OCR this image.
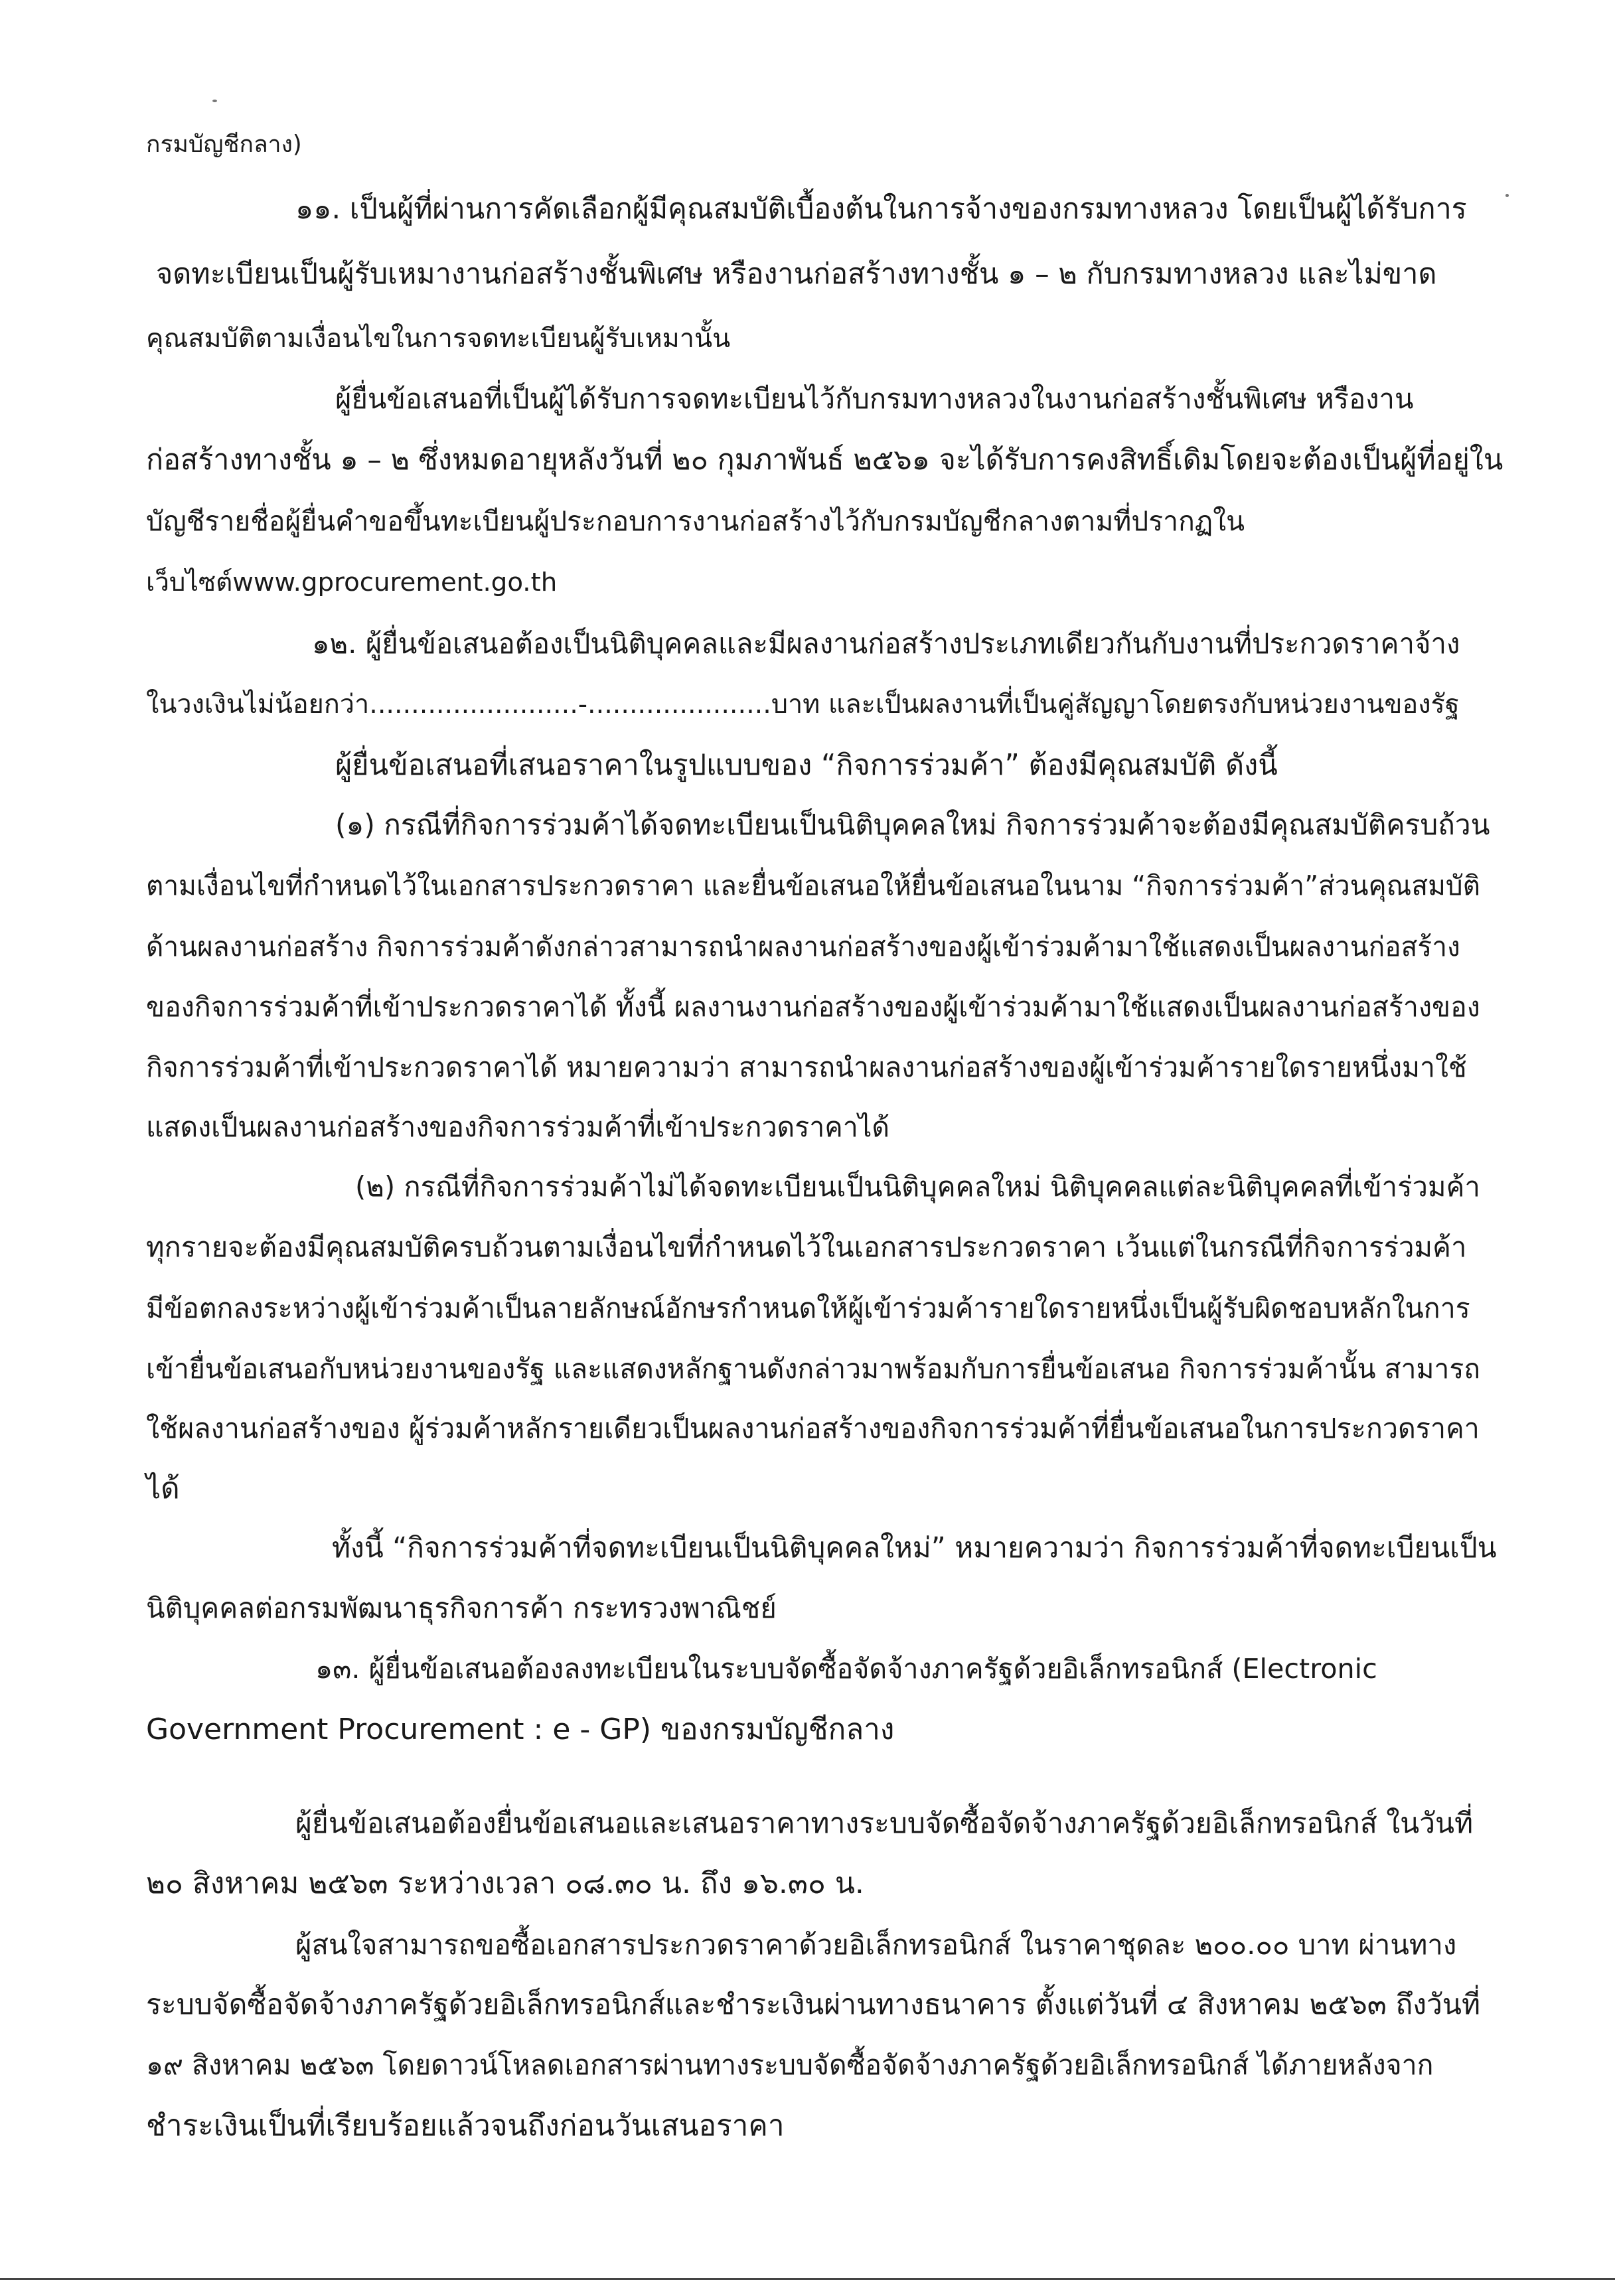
กรมบัญชีกลาง)
๑๑. เป็นผู้ที่ผ่านการคัดเลือกผู้มีคุณสมบัติเบื้องต้นในการจ้างของกรมทางหลวง โดยเป็นผู้ได้รับการ
จดทะเบียนเป็นผู้รับเหมางานก่อสร้างชั้นพิเศษ หรืองานก่อสร้างทางชั้น ๑ – ๒ กับกรมทางหลวง และไม่ขาด
คุณสมบัติตามเงื่อนไขในการจดทะเบียนผู้รับเหมานั้น
ผู้ยื่นข้อเสนอที่เป็นผู้ได้รับการจดทะเบียนไว้กับกรมทางหลวงในงานก่อสร้างชั้นพิเศษ หรืองาน
ก่อสร้างทางชั้น ๑ – ๒ ซึ่งหมดอายุหลังวันที่ ๒๐ กุมภาพันธ์ ๒๕๖๑ จะได้รับการคงสิทธิ์เดิมโดยจะต้องเป็นผู้ที่อยู่ใน
บัญชีรายชื่อผู้ยื่นคำขอขึ้นทะเบียนผู้ประกอบการงานก่อสร้างไว้กับกรมบัญชีกลางตามที่ปรากฏใน
เว็บไซต์www.gprocurement.go.th
๑๒. ผู้ยื่นข้อเสนอต้องเป็นนิติบุคคลและมีผลงานก่อสร้างประเภทเดียวกันกับงานที่ประกวดราคาจ้าง
ในวงเงินไม่น้อยกว่า.........................-......................บาท และเป็นผลงานที่เป็นคู่สัญญาโดยตรงกับหน่วยงานของรัฐ
ผู้ยื่นข้อเสนอที่เสนอราคาในรูปแบบของ “กิจการร่วมค้า” ต้องมีคุณสมบัติ ดังนี้
(๑) กรณีที่กิจการร่วมค้าได้จดทะเบียนเป็นนิติบุคคลใหม่ กิจการร่วมค้าจะต้องมีคุณสมบัติครบถ้วน
ตามเงื่อนไขที่กำหนดไว้ในเอกสารประกวดราคา และยื่นข้อเสนอให้ยื่นข้อเสนอในนาม “กิจการร่วมค้า”ส่วนคุณสมบัติ
ด้านผลงานก่อสร้าง กิจการร่วมค้าดังกล่าวสามารถนำผลงานก่อสร้างของผู้เข้าร่วมค้ามาใช้แสดงเป็นผลงานก่อสร้าง
ของกิจการร่วมค้าที่เข้าประกวดราคาได้ ทั้งนี้ ผลงานงานก่อสร้างของผู้เข้าร่วมค้ามาใช้แสดงเป็นผลงานก่อสร้างของ
กิจการร่วมค้าที่เข้าประกวดราคาได้ หมายความว่า สามารถนำผลงานก่อสร้างของผู้เข้าร่วมค้ารายใดรายหนึ่งมาใช้
แสดงเป็นผลงานก่อสร้างของกิจการร่วมค้าที่เข้าประกวดราคาได้
(๒) กรณีที่กิจการร่วมค้าไม่ได้จดทะเบียนเป็นนิติบุคคลใหม่ นิติบุคคลแต่ละนิติบุคคลที่เข้าร่วมค้า
ทุกรายจะต้องมีคุณสมบัติครบถ้วนตามเงื่อนไขที่กำหนดไว้ในเอกสารประกวดราคา เว้นแต่ในกรณีที่กิจการร่วมค้า
มีข้อตกลงระหว่างผู้เข้าร่วมค้าเป็นลายลักษณ์อักษรกำหนดให้ผู้เข้าร่วมค้ารายใดรายหนึ่งเป็นผู้รับผิดชอบหลักในการ
เข้ายื่นข้อเสนอกับหน่วยงานของรัฐ และแสดงหลักฐานดังกล่าวมาพร้อมกับการยื่นข้อเสนอ กิจการร่วมค้านั้น สามารถ
ใช้ผลงานก่อสร้างของ ผู้ร่วมค้าหลักรายเดียวเป็นผลงานก่อสร้างของกิจการร่วมค้าที่ยื่นข้อเสนอในการประกวดราคา
ได้
ทั้งนี้ “กิจการร่วมค้าที่จดทะเบียนเป็นนิติบุคคลใหม่” หมายความว่า กิจการร่วมค้าที่จดทะเบียนเป็น
นิติบุคคลต่อกรมพัฒนาธุรกิจการค้า กระทรวงพาณิชย์
๑๓. ผู้ยื่นข้อเสนอต้องลงทะเบียนในระบบจัดซื้อจัดจ้างภาครัฐด้วยอิเล็กทรอนิกส์ (Electronic
Government Procurement : e - GP) ของกรมบัญชีกลาง
ผู้ยื่นข้อเสนอต้องยื่นข้อเสนอและเสนอราคาทางระบบจัดซื้อจัดจ้างภาครัฐด้วยอิเล็กทรอนิกส์ ในวันที่
๒๐ สิงหาคม ๒๕๖๓ ระหว่างเวลา ๐๘.๓๐ น. ถึง ๑๖.๓๐ น.
ผู้สนใจสามารถขอซื้อเอกสารประกวดราคาด้วยอิเล็กทรอนิกส์ ในราคาชุดละ ๒๐๐.๐๐ บาท ผ่านทาง
ระบบจัดซื้อจัดจ้างภาครัฐด้วยอิเล็กทรอนิกส์และชำระเงินผ่านทางธนาคาร ตั้งแต่วันที่ ๔ สิงหาคม ๒๕๖๓ ถึงวันที่
๑๙ สิงหาคม ๒๕๖๓ โดยดาวน์โหลดเอกสารผ่านทางระบบจัดซื้อจัดจ้างภาครัฐด้วยอิเล็กทรอนิกส์ ได้ภายหลังจาก
ชำระเงินเป็นที่เรียบร้อยแล้วจนถึงก่อนวันเสนอราคา
